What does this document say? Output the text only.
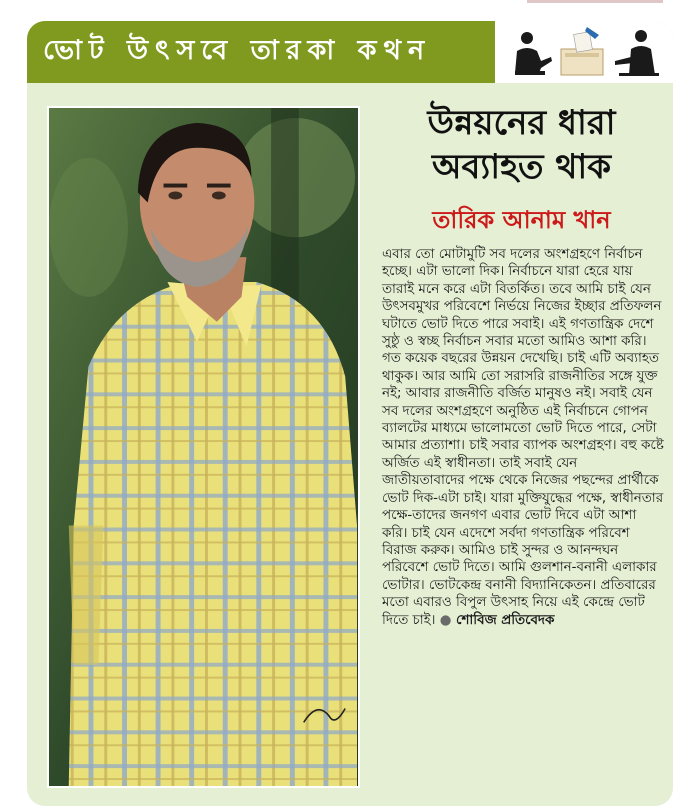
ভোট উৎসবে তারকা কথন
উন্নয়নের ধারা
অব্যাহত থাক

তারিক আনাম খান

এবার তো মোটামুটি সব দলের অংশগ্রহণে নির্বাচন হচ্ছে। এটা ভালো দিক। নির্বাচনে যারা হেরে যায় তারাই মনে করে এটা বিতর্কিত। তবে আমি চাই যেন উৎসবমুখর পরিবেশে নির্ভয়ে নিজের ইচ্ছার প্রতিফলন ঘটাতে ভোট দিতে পারে সবাই। এই গণতান্ত্রিক দেশে সুষ্ঠু ও স্বচ্ছ নির্বাচন সবার মতো আমিও আশা করি। গত কয়েক বছরের উন্নয়ন দেখেছি। চাই এটি অব্যাহত থাকুক। আর আমি তো সরাসরি রাজনীতির সঙ্গে যুক্ত নই; আবার রাজনীতি বর্জিত মানুষও নই। সবাই যেন সব দলের অংশগ্রহণে অনুষ্ঠিত এই নির্বাচনে গোপন ব্যালটের মাধ্যমে ভালোমতো ভোট দিতে পারে, সেটা আমার প্রত্যাশা। চাই সবার ব্যাপক অংশগ্রহণ। বহু কষ্টে অর্জিত এই স্বাধীনতা। তাই সবাই যেন জাতীয়তাবাদের পক্ষে থেকে নিজের পছন্দের প্রার্থীকে ভোট দিক-এটা চাই। যারা মুক্তিযুদ্ধের পক্ষে, স্বাধীনতার পক্ষে-তাদের জনগণ এবার ভোট দিবে এটা আশা করি। চাই যেন এদেশে সর্বদা গণতান্ত্রিক পরিবেশ বিরাজ করুক। আমিও চাই সুন্দর ও আনন্দঘন পরিবেশে ভোট দিতে। আমি গুলশান-বনানী এলাকার ভোটার। ভোটকেন্দ্র বনানী বিদ্যানিকেতন। প্রতিবারের মতো এবারও বিপুল উৎসাহ নিয়ে এই কেন্দ্রে ভোট দিতে চাই। ● শোবিজ প্রতিবেদক
